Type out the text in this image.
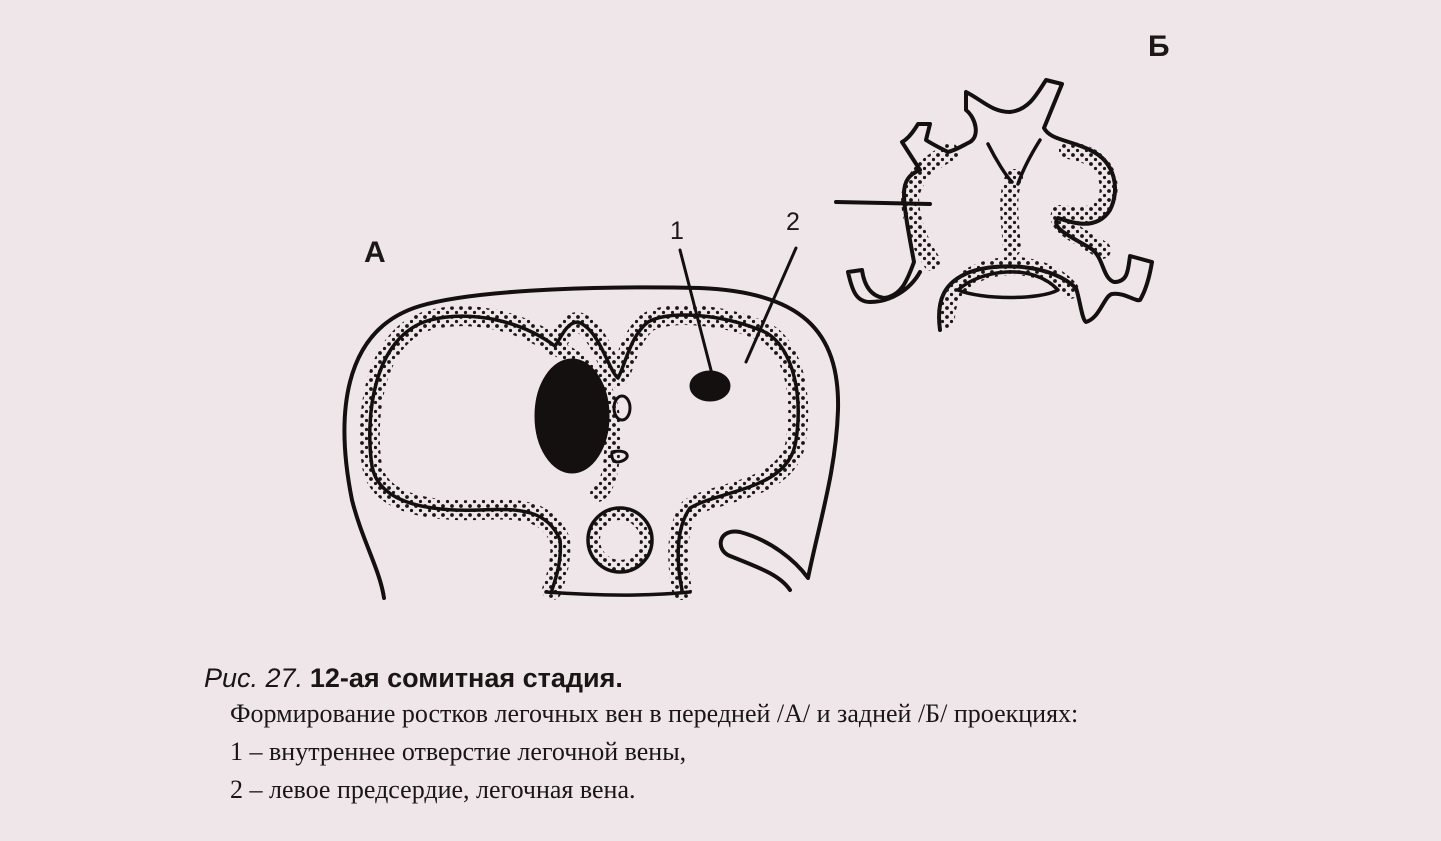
А
Б
1	2
Рис. 27. 12-ая сомитная стадия.
Формирование ростков легочных вен в передней /А/ и задней /Б/ проекциях:
1 – внутреннее отверстие легочной вены,
2 – левое предсердие, легочная вена.
